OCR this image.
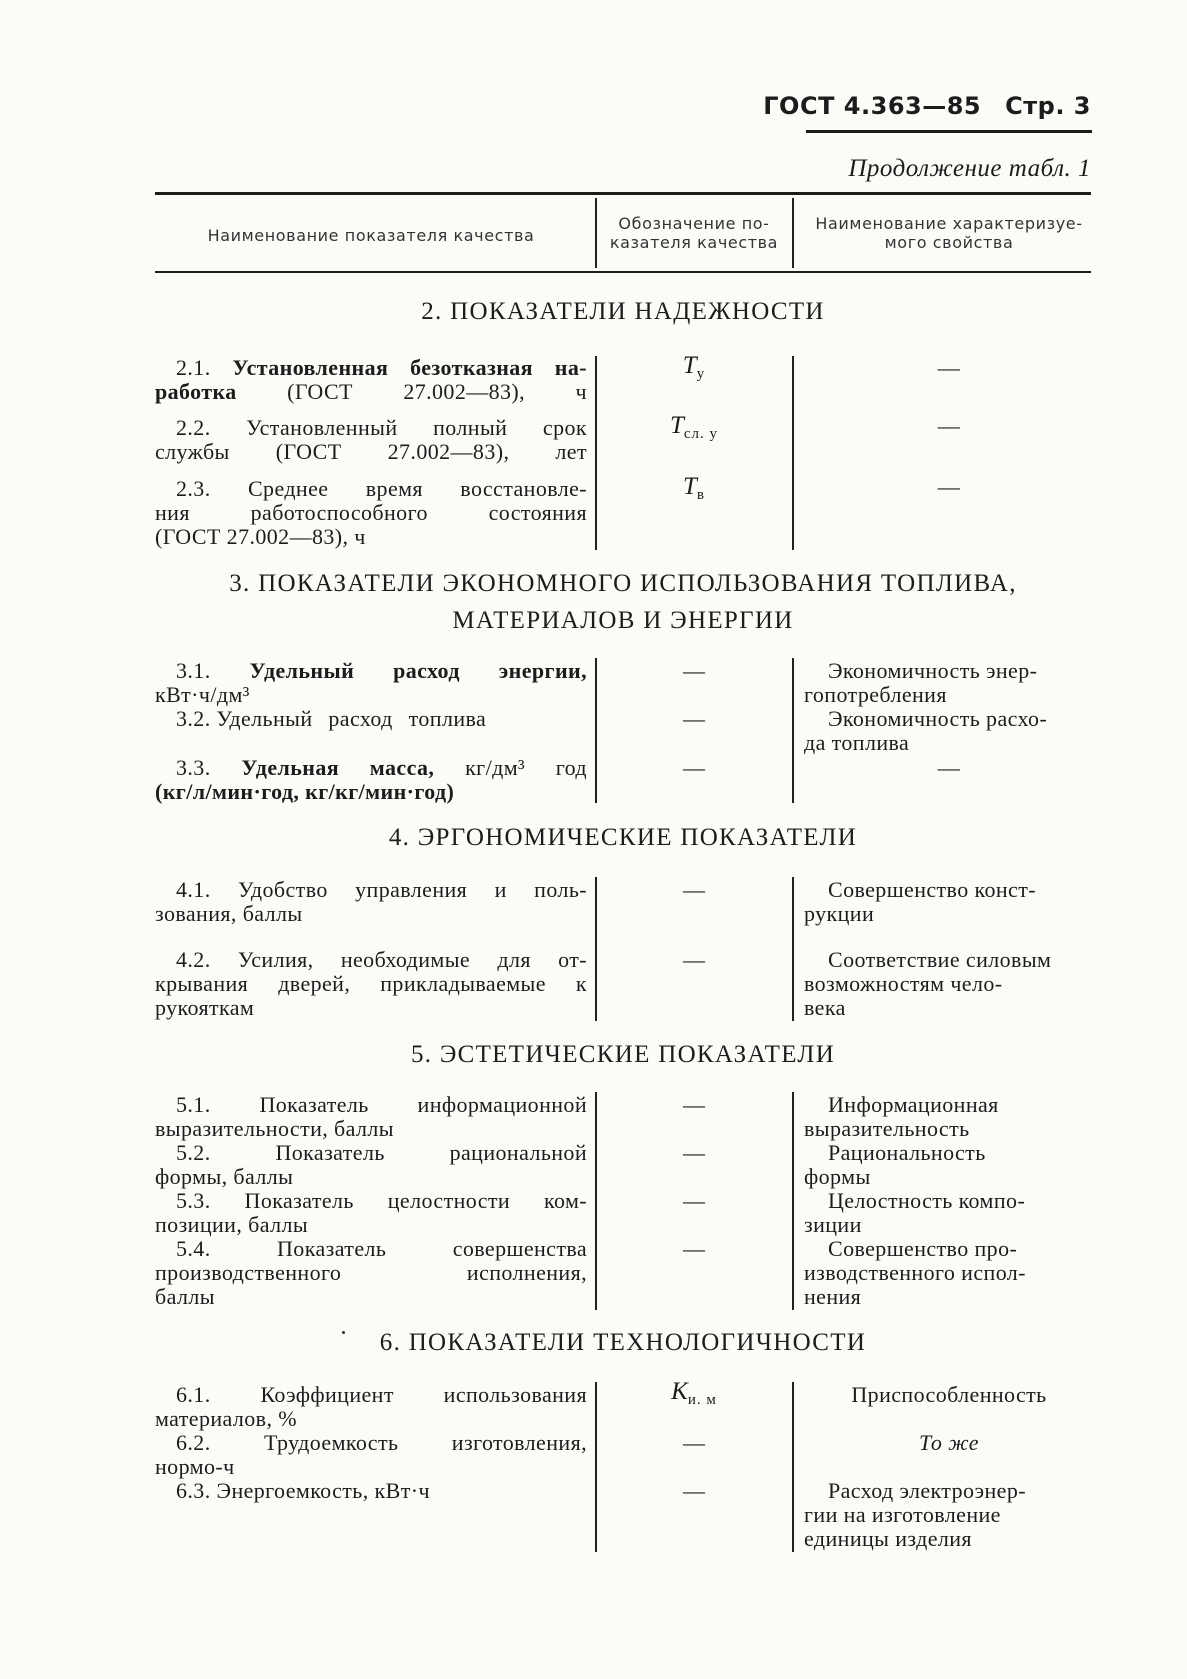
ГОСТ 4.363—85 Стр. 3
Продолжение табл. 1
Наименование показателя качества
Обозначение по-
казателя качества
Наименование характеризуе-
мого свойства
2. ПОКАЗАТЕЛИ НАДЕЖНОСТИ
2.1. Установленная безотказная на-
работка (ГОСТ 27.002—83), ч
$T_у$	—
2.2. Установленный полный срок
службы (ГОСТ 27.002—83), лет
$T_{сл. у}$	—
2.3. Среднее время восстановле-
ния работоспособного состояния
(ГОСТ 27.002—83), ч
$T_в$	—
3. ПОКАЗАТЕЛИ ЭКОНОМНОГО ИСПОЛЬЗОВАНИЯ ТОПЛИВА,
МАТЕРИАЛОВ И ЭНЕРГИИ
3.1. Удельный расход энергии,
кВт·ч/дм³
—	Экономичность энер-
гопотребления
3.2. Удельный расход топлива	—	Экономичность расхо-
да топлива
3.3. Удельная масса, кг/дм³ год
(кг/л/мин·год, кг/кг/мин·год)
—	—
4. ЭРГОНОМИЧЕСКИЕ ПОКАЗАТЕЛИ
4.1. Удобство управления и поль-
зования, баллы
—	Совершенство конст-
рукции
4.2. Усилия, необходимые для от-
крывания дверей, прикладываемые к
рукояткам
—	Соответствие силовым
возможностям чело-
века
5. ЭСТЕТИЧЕСКИЕ ПОКАЗАТЕЛИ
5.1. Показатель информационной
выразительности, баллы
—	Информационная
выразительность
5.2.	Показатель рациональной
формы, баллы
—	Рациональность
формы
5.3. Показатель целостности ком-
позиции, баллы
—	Целостность компо-
зиции
5.4.	Показатель совершенства
производственного исполнения,
баллы
—	Совершенство про-
изводственного испол-
нения
6. ПОКАЗАТЕЛИ ТЕХНОЛОГИЧНОСТИ
6.1. Коэффициент использования
материалов, %
$K_{и. м}$	Приспособленность
6.2. Трудоемкость изготовления,
нормо-ч
—	То же
6.3. Энергоемкость, кВт·ч	—	Расход электроэнер-
гии на изготовление
единицы изделия
